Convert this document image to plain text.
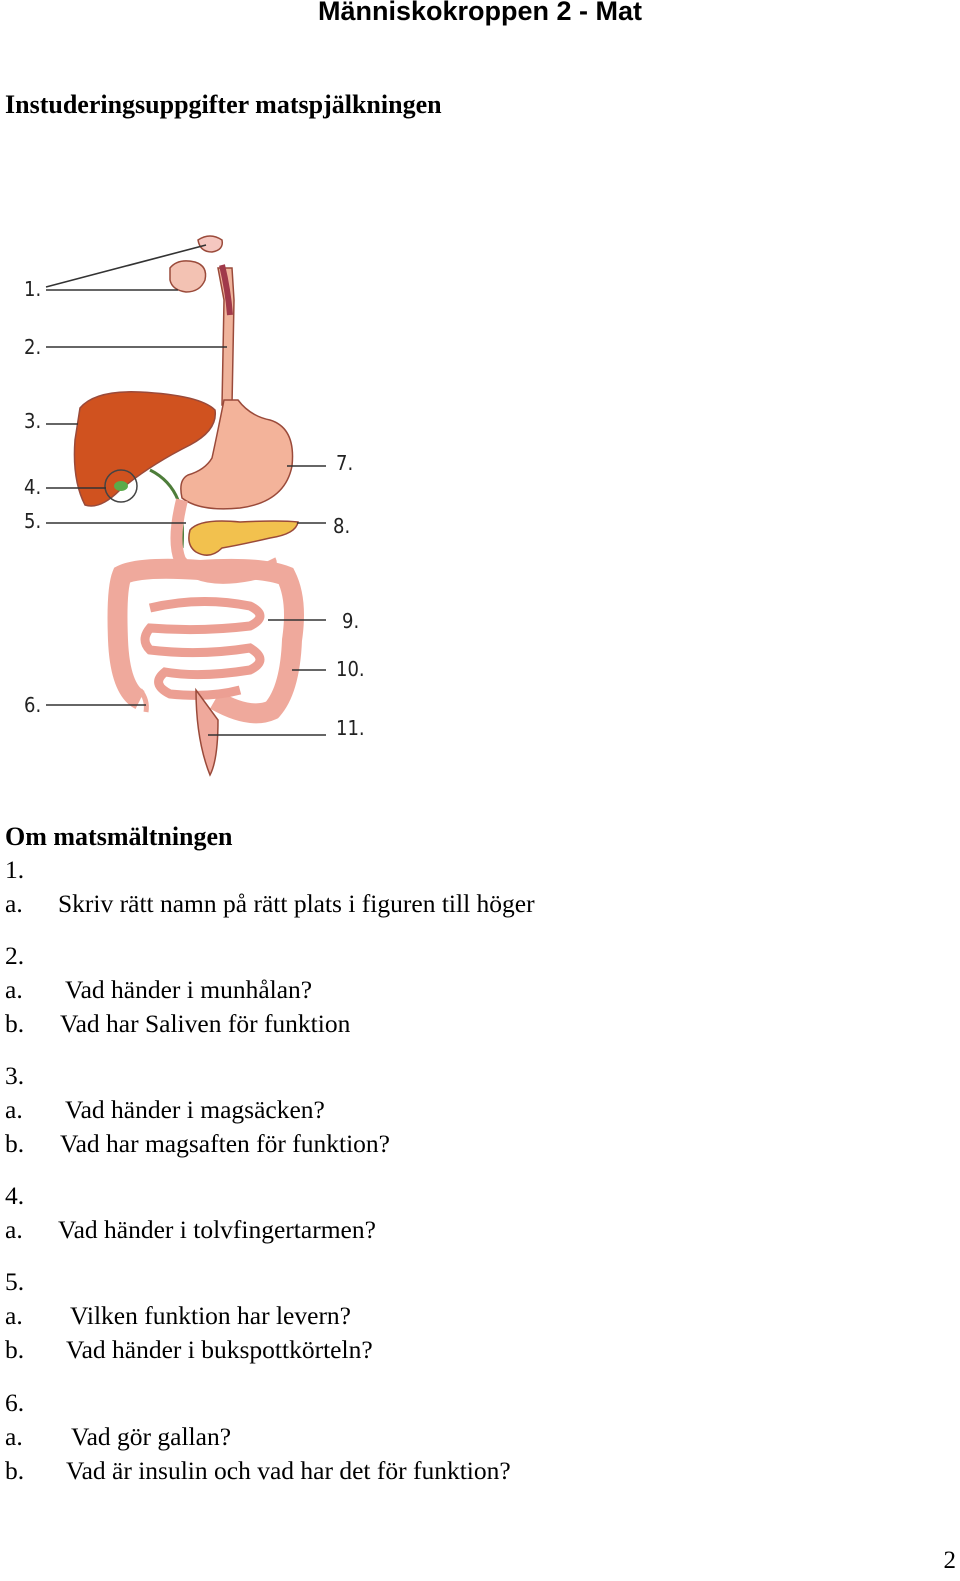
Människokroppen 2 - Mat
Instuderingsuppgifter matspjälkningen
1.
2.
3.
4.
5.
6.
7.
8.
9.
10.
11.
Om matsmältningen
1.
a. Skriv rätt namn på rätt plats i figuren till höger
2.
a. Vad händer i munhålan?
b. Vad har Saliven för funktion
3.
a. Vad händer i magsäcken?
b. Vad har magsaften för funktion?
4.
a. Vad händer i tolvfingertarmen?
5.
a. Vilken funktion har levern?
b. Vad händer i bukspottkörteln?
6.
a. Vad gör gallan?
b. Vad är insulin och vad har det för funktion?
2
